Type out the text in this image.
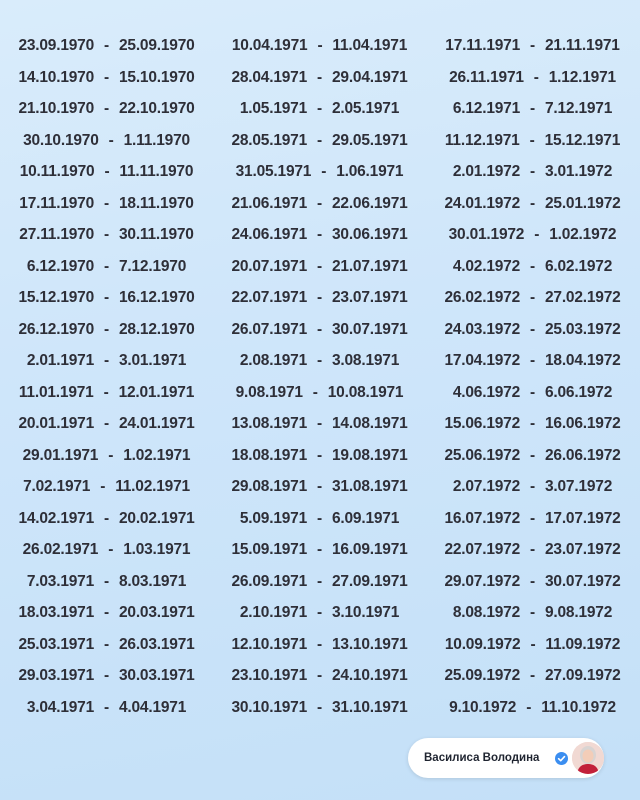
23.09.1970 - 25.09.1970
14.10.1970 - 15.10.1970
21.10.1970 - 22.10.1970
30.10.1970 - 1.11.1970
10.11.1970 - 11.11.1970
17.11.1970 - 18.11.1970
27.11.1970 - 30.11.1970
6.12.1970 - 7.12.1970
15.12.1970 - 16.12.1970
26.12.1970 - 28.12.1970
2.01.1971 - 3.01.1971
11.01.1971 - 12.01.1971
20.01.1971 - 24.01.1971
29.01.1971 - 1.02.1971
7.02.1971 - 11.02.1971
14.02.1971 - 20.02.1971
26.02.1971 - 1.03.1971
7.03.1971 - 8.03.1971
18.03.1971 - 20.03.1971
25.03.1971 - 26.03.1971
29.03.1971 - 30.03.1971
3.04.1971 - 4.04.1971
10.04.1971 - 11.04.1971
28.04.1971 - 29.04.1971
1.05.1971 - 2.05.1971
28.05.1971 - 29.05.1971
31.05.1971 - 1.06.1971
21.06.1971 - 22.06.1971
24.06.1971 - 30.06.1971
20.07.1971 - 21.07.1971
22.07.1971 - 23.07.1971
26.07.1971 - 30.07.1971
2.08.1971 - 3.08.1971
9.08.1971 - 10.08.1971
13.08.1971 - 14.08.1971
18.08.1971 - 19.08.1971
29.08.1971 - 31.08.1971
5.09.1971 - 6.09.1971
15.09.1971 - 16.09.1971
26.09.1971 - 27.09.1971
2.10.1971 - 3.10.1971
12.10.1971 - 13.10.1971
23.10.1971 - 24.10.1971
30.10.1971 - 31.10.1971
17.11.1971 - 21.11.1971
26.11.1971 - 1.12.1971
6.12.1971 - 7.12.1971
11.12.1971 - 15.12.1971
2.01.1972 - 3.01.1972
24.01.1972 - 25.01.1972
30.01.1972 - 1.02.1972
4.02.1972 - 6.02.1972
26.02.1972 - 27.02.1972
24.03.1972 - 25.03.1972
17.04.1972 - 18.04.1972
4.06.1972 - 6.06.1972
15.06.1972 - 16.06.1972
25.06.1972 - 26.06.1972
2.07.1972 - 3.07.1972
16.07.1972 - 17.07.1972
22.07.1972 - 23.07.1972
29.07.1972 - 30.07.1972
8.08.1972 - 9.08.1972
10.09.1972 - 11.09.1972
25.09.1972 - 27.09.1972
9.10.1972 - 11.10.1972
Василиса Володина
